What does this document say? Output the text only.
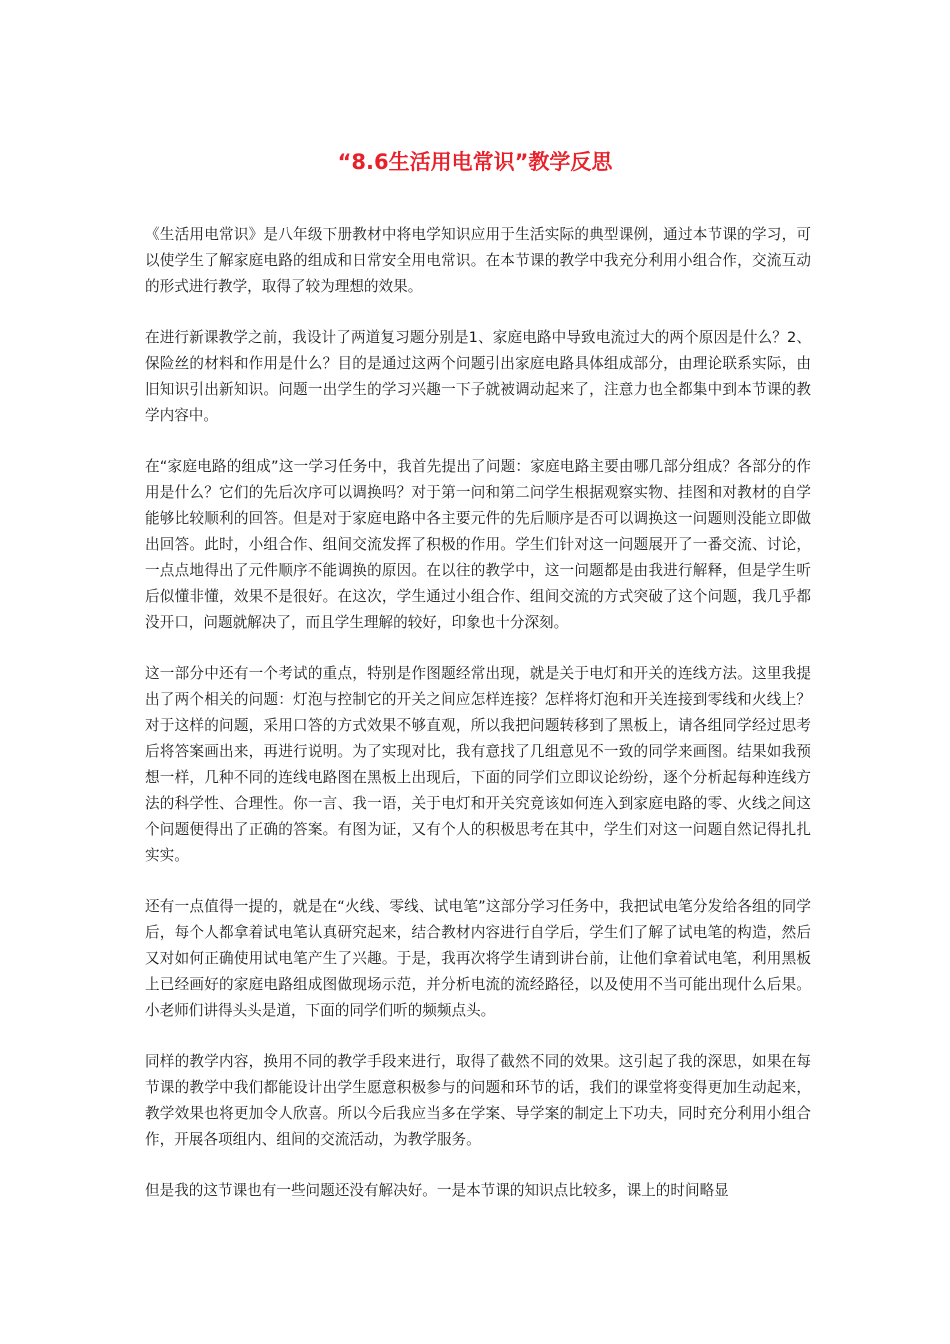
“8.6生活用电常识”教学反思

《生活用电常识》是八年级下册教材中将电学知识应用于生活实际的典型课例，通过本节课的学习，可以使学生了解家庭电路的组成和日常安全用电常识。在本节课的教学中我充分利用小组合作，交流互动的形式进行教学，取得了较为理想的效果。

在进行新课教学之前，我设计了两道复习题分别是1、家庭电路中导致电流过大的两个原因是什么？2、保险丝的材料和作用是什么？目的是通过这两个问题引出家庭电路具体组成部分，由理论联系实际，由旧知识引出新知识。问题一出学生的学习兴趣一下子就被调动起来了，注意力也全都集中到本节课的教学内容中。

在“家庭电路的组成”这一学习任务中，我首先提出了问题：家庭电路主要由哪几部分组成？各部分的作用是什么？它们的先后次序可以调换吗？对于第一问和第二问学生根据观察实物、挂图和对教材的自学能够比较顺利的回答。但是对于家庭电路中各主要元件的先后顺序是否可以调换这一问题则没能立即做出回答。此时，小组合作、组间交流发挥了积极的作用。学生们针对这一问题展开了一番交流、讨论，一点点地得出了元件顺序不能调换的原因。在以往的教学中，这一问题都是由我进行解释，但是学生听后似懂非懂，效果不是很好。在这次，学生通过小组合作、组间交流的方式突破了这个问题，我几乎都没开口，问题就解决了，而且学生理解的较好，印象也十分深刻。

这一部分中还有一个考试的重点，特别是作图题经常出现，就是关于电灯和开关的连线方法。这里我提出了两个相关的问题：灯泡与控制它的开关之间应怎样连接？怎样将灯泡和开关连接到零线和火线上？对于这样的问题，采用口答的方式效果不够直观，所以我把问题转移到了黑板上，请各组同学经过思考后将答案画出来，再进行说明。为了实现对比，我有意找了几组意见不一致的同学来画图。结果如我预想一样，几种不同的连线电路图在黑板上出现后，下面的同学们立即议论纷纷，逐个分析起每种连线方法的科学性、合理性。你一言、我一语，关于电灯和开关究竟该如何连入到家庭电路的零、火线之间这个问题便得出了正确的答案。有图为证，又有个人的积极思考在其中，学生们对这一问题自然记得扎扎实实。

还有一点值得一提的，就是在“火线、零线、试电笔”这部分学习任务中，我把试电笔分发给各组的同学后，每个人都拿着试电笔认真研究起来，结合教材内容进行自学后，学生们了解了试电笔的构造，然后又对如何正确使用试电笔产生了兴趣。于是，我再次将学生请到讲台前，让他们拿着试电笔，利用黑板上已经画好的家庭电路组成图做现场示范，并分析电流的流经路径，以及使用不当可能出现什么后果。小老师们讲得头头是道，下面的同学们听的频频点头。

同样的教学内容，换用不同的教学手段来进行，取得了截然不同的效果。这引起了我的深思，如果在每节课的教学中我们都能设计出学生愿意积极参与的问题和环节的话，我们的课堂将变得更加生动起来，教学效果也将更加令人欣喜。所以今后我应当多在学案、导学案的制定上下功夫，同时充分利用小组合作，开展各项组内、组间的交流活动，为教学服务。

但是我的这节课也有一些问题还没有解决好。一是本节课的知识点比较多，课上的时间略显
